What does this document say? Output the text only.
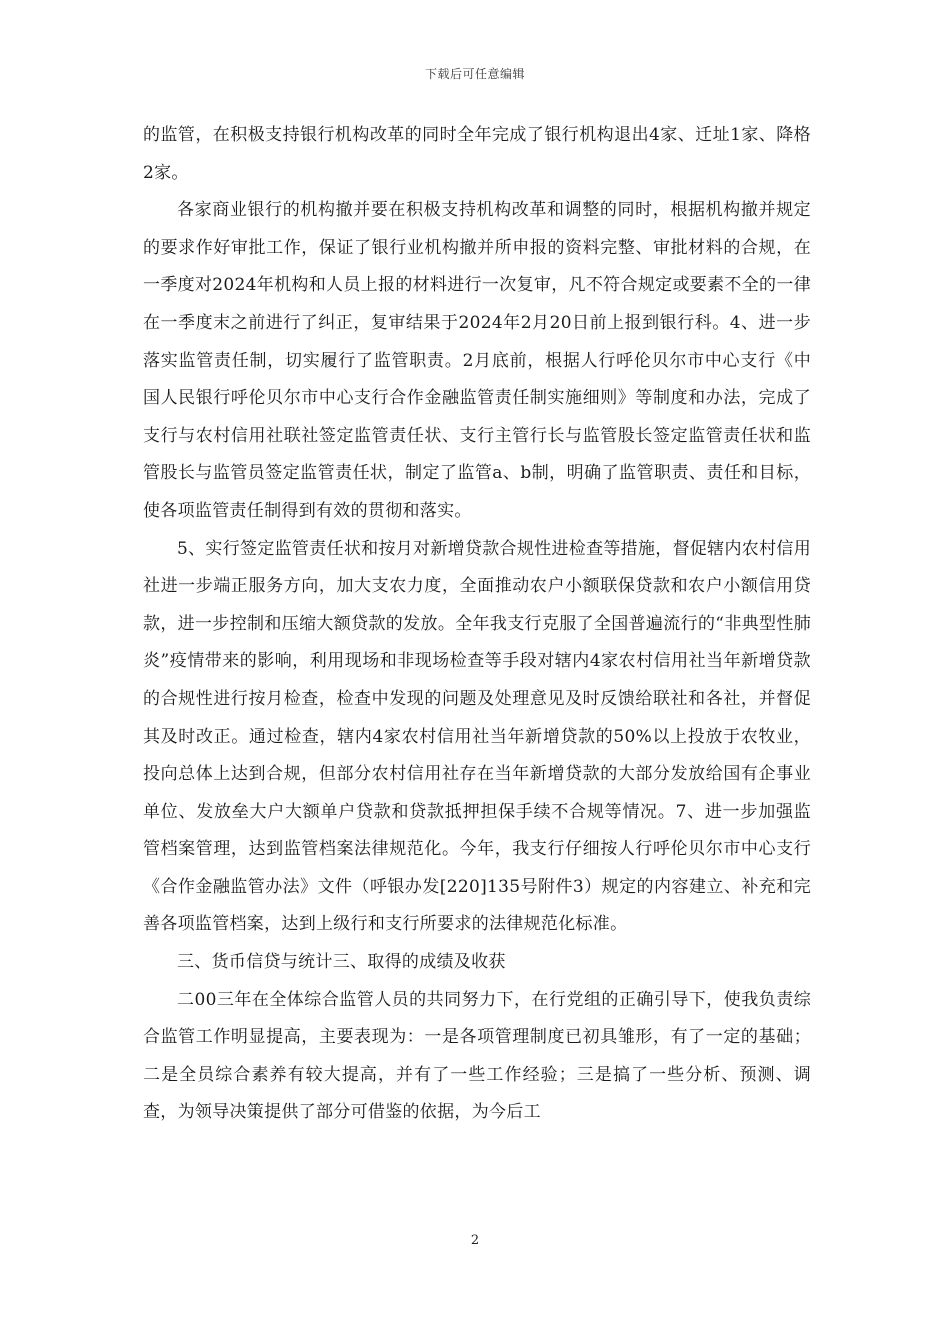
下载后可任意编辑

的监管，在积极支持银行机构改革的同时全年完成了银行机构退出4家、迁址1家、降格2家。

各家商业银行的机构撤并要在积极支持机构改革和调整的同时，根据机构撤并规定的要求作好审批工作，保证了银行业机构撤并所申报的资料完整、审批材料的合规，在一季度对2024年机构和人员上报的材料进行一次复审，凡不符合规定或要素不全的一律在一季度末之前进行了纠正，复审结果于2024年2月20日前上报到银行科。4、进一步落实监管责任制，切实履行了监管职责。2月底前，根据人行呼伦贝尔市中心支行《中国人民银行呼伦贝尔市中心支行合作金融监管责任制实施细则》等制度和办法，完成了支行与农村信用社联社签定监管责任状、支行主管行长与监管股长签定监管责任状和监管股长与监管员签定监管责任状，制定了监管a、b制，明确了监管职责、责任和目标，使各项监管责任制得到有效的贯彻和落实。

5、实行签定监管责任状和按月对新增贷款合规性进检查等措施，督促辖内农村信用社进一步端正服务方向，加大支农力度，全面推动农户小额联保贷款和农户小额信用贷款，进一步控制和压缩大额贷款的发放。全年我支行克服了全国普遍流行的“非典型性肺炎”疫情带来的影响，利用现场和非现场检查等手段对辖内4家农村信用社当年新增贷款的合规性进行按月检查，检查中发现的问题及处理意见及时反馈给联社和各社，并督促其及时改正。通过检查，辖内4家农村信用社当年新增贷款的50%以上投放于农牧业，投向总体上达到合规，但部分农村信用社存在当年新增贷款的大部分发放给国有企事业单位、发放垒大户大额单户贷款和贷款抵押担保手续不合规等情况。7、进一步加强监管档案管理，达到监管档案法律规范化。今年，我支行仔细按人行呼伦贝尔市中心支行《合作金融监管办法》文件（呼银办发[220]135号附件3）规定的内容建立、补充和完善各项监管档案，达到上级行和支行所要求的法律规范化标准。

三、货币信贷与统计三、取得的成绩及收获

二00三年在全体综合监管人员的共同努力下，在行党组的正确引导下，使我负责综合监管工作明显提高，主要表现为：一是各项管理制度已初具雏形，有了一定的基础；二是全员综合素养有较大提高，并有了一些工作经验；三是搞了一些分析、预测、调查，为领导决策提供了部分可借鉴的依据，为今后工

2
